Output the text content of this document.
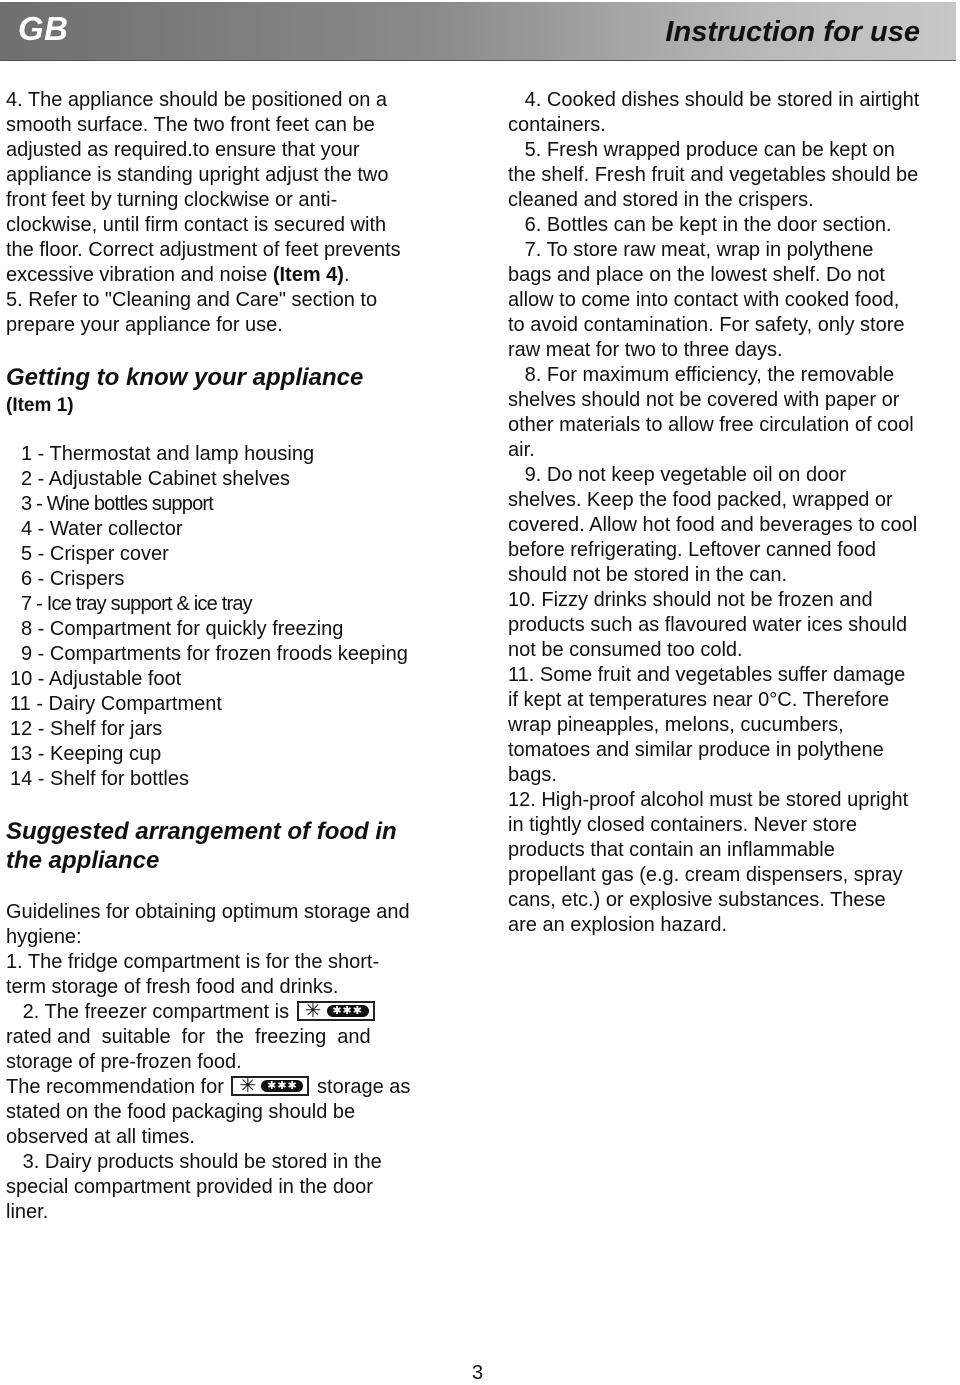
GB	Instruction for use
4. The appliance should be positioned on a
smooth surface. The two front feet can be
adjusted as required.to ensure that your
appliance is standing upright adjust the two
front feet by turning clockwise or anti-
clockwise, until firm contact is secured with
the floor. Correct adjustment of feet prevents
excessive vibration and noise (Item 4).
5. Refer to "Cleaning and Care" section to
prepare your appliance for use.
Getting to know your appliance
(Item 1)
1 - Thermostat and lamp housing
2 - Adjustable Cabinet shelves
3 - Wine bottles support
4 - Water collector
5 - Crisper cover
6 - Crispers
7 - Ice tray support & ice tray
8 - Compartment for quickly freezing
9 - Compartments for frozen froods keeping
10 - Adjustable foot
11 - Dairy Compartment
12 - Shelf for jars
13 - Keeping cup
14 - Shelf for bottles
Suggested arrangement of food in
the appliance
Guidelines for obtaining optimum storage and
hygiene:
1. The fridge compartment is for the short-
term storage of fresh food and drinks.
2. The freezer compartment is ✳ ✱✱✱
rated and  suitable  for  the  freezing  and
storage of pre-frozen food.
The recommendation for ✳ ✱✱✱ storage as
stated on the food packaging should be
observed at all times.
3. Dairy products should be stored in the
special compartment provided in the door
liner.
4. Cooked dishes should be stored in airtight
containers.
5. Fresh wrapped produce can be kept on
the shelf. Fresh fruit and vegetables should be
cleaned and stored in the crispers.
6. Bottles can be kept in the door section.
7. To store raw meat, wrap in polythene
bags and place on the lowest shelf. Do not
allow to come into contact with cooked food,
to avoid contamination. For safety, only store
raw meat for two to three days.
8. For maximum efficiency, the removable
shelves should not be covered with paper or
other materials to allow free circulation of cool
air.
9. Do not keep vegetable oil on door
shelves. Keep the food packed, wrapped or
covered. Allow hot food and beverages to cool
before refrigerating. Leftover canned food
should not be stored in the can.
10. Fizzy drinks should not be frozen and
products such as flavoured water ices should
not be consumed too cold.
11. Some fruit and vegetables suffer damage
if kept at temperatures near 0°C. Therefore
wrap pineapples, melons, cucumbers,
tomatoes and similar produce in polythene
bags.
12. High-proof alcohol must be stored upright
in tightly closed containers. Never store
products that contain an inflammable
propellant gas (e.g. cream dispensers, spray
cans, etc.) or explosive substances. These
are an explosion hazard.
3
